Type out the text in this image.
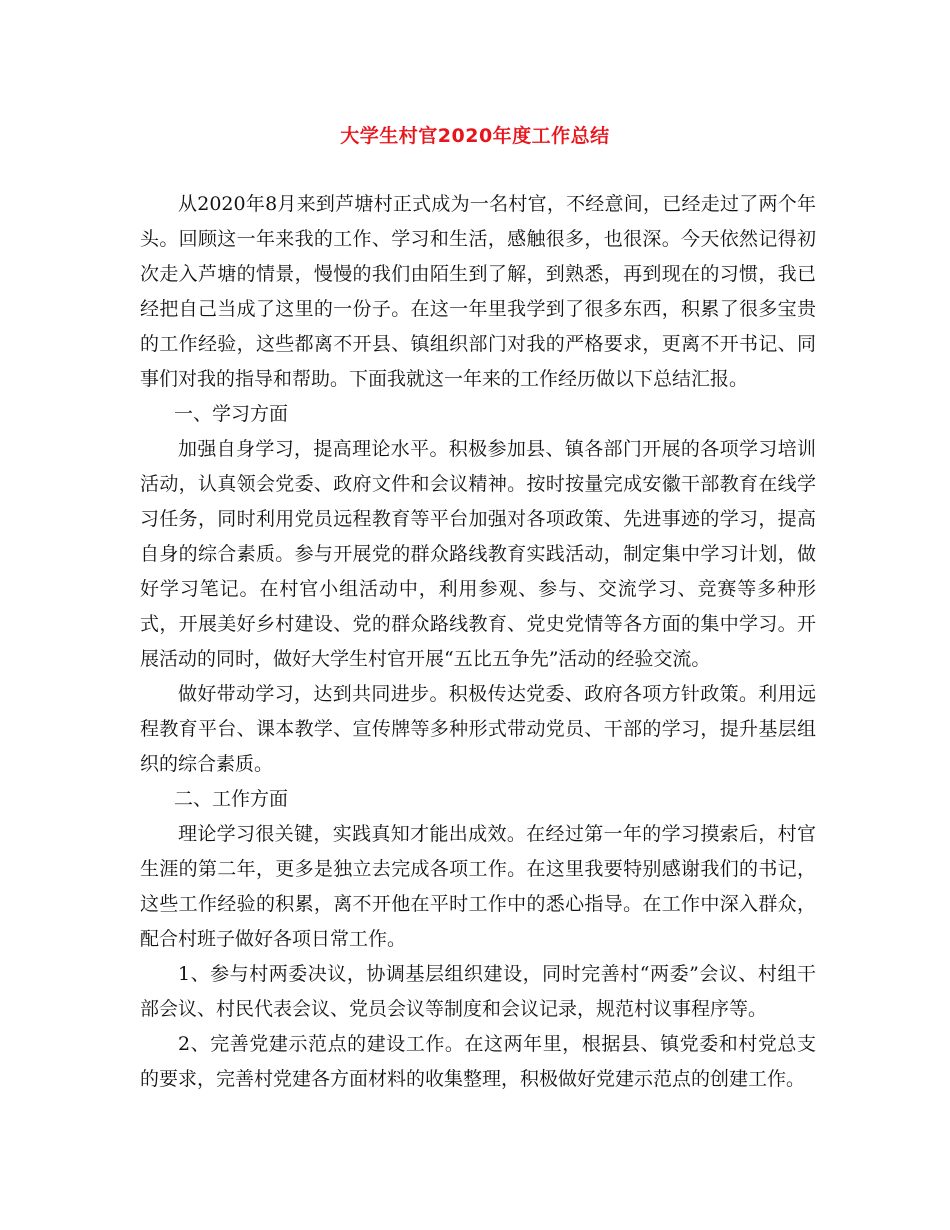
大学生村官2020年度工作总结

从2020年8月来到芦塘村正式成为一名村官，不经意间，已经走过了两个年头。回顾这一年来我的工作、学习和生活，感触很多，也很深。今天依然记得初次走入芦塘的情景，慢慢的我们由陌生到了解，到熟悉，再到现在的习惯，我已经把自己当成了这里的一份子。在这一年里我学到了很多东西，积累了很多宝贵的工作经验，这些都离不开县、镇组织部门对我的严格要求，更离不开书记、同事们对我的指导和帮助。下面我就这一年来的工作经历做以下总结汇报。

一、学习方面

加强自身学习，提高理论水平。积极参加县、镇各部门开展的各项学习培训活动，认真领会党委、政府文件和会议精神。按时按量完成安徽干部教育在线学习任务，同时利用党员远程教育等平台加强对各项政策、先进事迹的学习，提高自身的综合素质。参与开展党的群众路线教育实践活动，制定集中学习计划，做好学习笔记。在村官小组活动中，利用参观、参与、交流学习、竞赛等多种形式，开展美好乡村建设、党的群众路线教育、党史党情等各方面的集中学习。开展活动的同时，做好大学生村官开展“五比五争先”活动的经验交流。

做好带动学习，达到共同进步。积极传达党委、政府各项方针政策。利用远程教育平台、课本教学、宣传牌等多种形式带动党员、干部的学习，提升基层组织的综合素质。

二、工作方面

理论学习很关键，实践真知才能出成效。在经过第一年的学习摸索后，村官生涯的第二年，更多是独立去完成各项工作。在这里我要特别感谢我们的书记，这些工作经验的积累，离不开他在平时工作中的悉心指导。在工作中深入群众，配合村班子做好各项日常工作。

1、参与村两委决议，协调基层组织建设，同时完善村“两委”会议、村组干部会议、村民代表会议、党员会议等制度和会议记录，规范村议事程序等。

2、完善党建示范点的建设工作。在这两年里，根据县、镇党委和村党总支的要求，完善村党建各方面材料的收集整理，积极做好党建示范点的创建工作。
